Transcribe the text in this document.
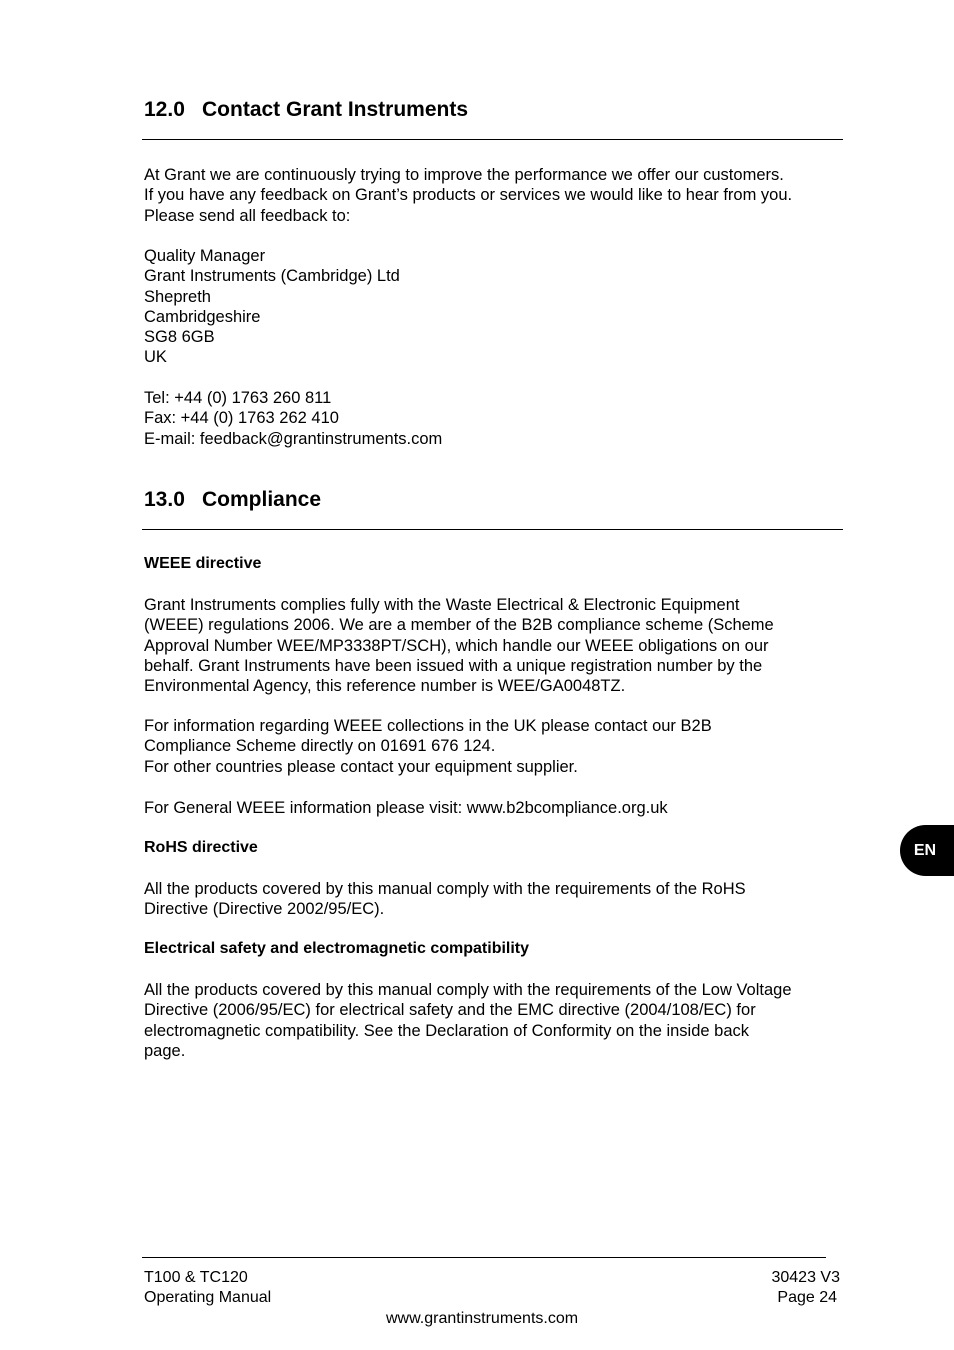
12.0 Contact Grant Instruments
At Grant we are continuously trying to improve the performance we offer our customers.
If you have any feedback on Grant’s products or services we would like to hear from you.
Please send all feedback to:
Quality Manager
Grant Instruments (Cambridge) Ltd
Shepreth
Cambridgeshire
SG8 6GB
UK
Tel: +44 (0) 1763 260 811
Fax: +44 (0) 1763 262 410
E-mail: feedback@grantinstruments.com
13.0 Compliance
WEEE directive
Grant Instruments complies fully with the Waste Electrical & Electronic Equipment
(WEEE) regulations 2006. We are a member of the B2B compliance scheme (Scheme
Approval Number WEE/MP3338PT/SCH), which handle our WEEE obligations on our
behalf. Grant Instruments have been issued with a unique registration number by the
Environmental Agency, this reference number is WEE/GA0048TZ.
For information regarding WEEE collections in the UK please contact our B2B
Compliance Scheme directly on 01691 676 124.
For other countries please contact your equipment supplier.
For General WEEE information please visit: www.b2bcompliance.org.uk
RoHS directive
All the products covered by this manual comply with the requirements of the RoHS
Directive (Directive 2002/95/EC).
Electrical safety and electromagnetic compatibility
All the products covered by this manual comply with the requirements of the Low Voltage
Directive (2006/95/EC) for electrical safety and the EMC directive (2004/108/EC) for
electromagnetic compatibility. See the Declaration of Conformity on the inside back
page.
EN
T100 & TC120
Operating Manual
30423 V3
Page 24
www.grantinstruments.com
